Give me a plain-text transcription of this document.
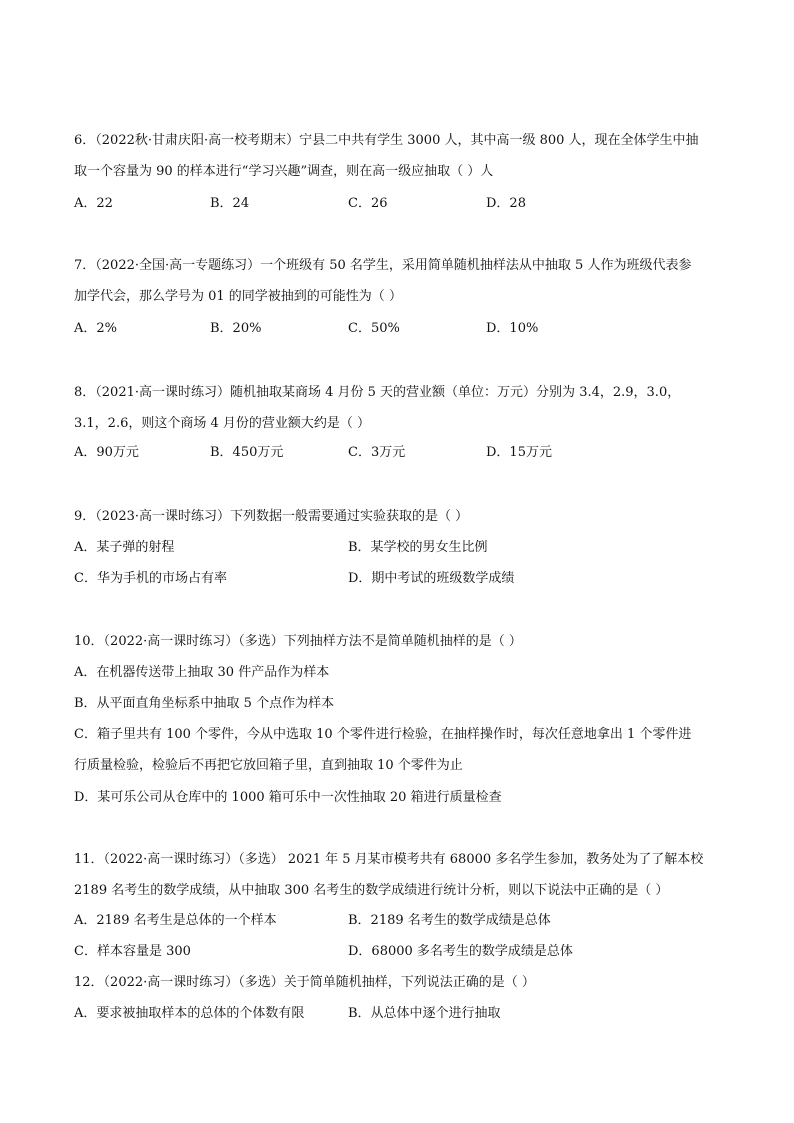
6．（2022秋·甘肃庆阳·高一校考期末）宁县二中共有学生 3000 人，其中高一级 800 人，现在全体学生中抽
取一个容量为 90 的样本进行“学习兴趣”调查，则在高一级应抽取（ ）人
A．22	B．24	C．26	D．28
7．（2022·全国·高一专题练习）一个班级有 50 名学生，采用简单随机抽样法从中抽取 5 人作为班级代表参
加学代会，那么学号为 01 的同学被抽到的可能性为（ ）
A．2%	B．20%	C．50%	D．10%
8．（2021·高一课时练习）随机抽取某商场 4 月份 5 天的营业额（单位：万元）分别为 3.4，2.9，3.0，
3.1，2.6，则这个商场 4 月份的营业额大约是（ ）
A．90万元	B．450万元	C．3万元	D．15万元
9．（2023·高一课时练习）下列数据一般需要通过实验获取的是（ ）
A．某子弹的射程	B．某学校的男女生比例
C．华为手机的市场占有率	D．期中考试的班级数学成绩
10．（2022·高一课时练习）（多选）下列抽样方法不是简单随机抽样的是（ ）
A．在机器传送带上抽取 30 件产品作为样本
B．从平面直角坐标系中抽取 5 个点作为样本
C．箱子里共有 100 个零件，今从中选取 10 个零件进行检验，在抽样操作时，每次任意地拿出 1 个零件进
行质量检验，检验后不再把它放回箱子里，直到抽取 10 个零件为止
D．某可乐公司从仓库中的 1000 箱可乐中一次性抽取 20 箱进行质量检查
11．（2022·高一课时练习）（多选） 2021 年 5 月某市模考共有 68000 多名学生参加，教务处为了了解本校
2189 名考生的数学成绩，从中抽取 300 名考生的数学成绩进行统计分析，则以下说法中正确的是（ ）
A．2189 名考生是总体的一个样本	B．2189 名考生的数学成绩是总体
C．样本容量是 300	D．68000 多名考生的数学成绩是总体
12．（2022·高一课时练习）（多选）关于简单随机抽样，下列说法正确的是（ ）
A．要求被抽取样本的总体的个体数有限	B．从总体中逐个进行抽取
